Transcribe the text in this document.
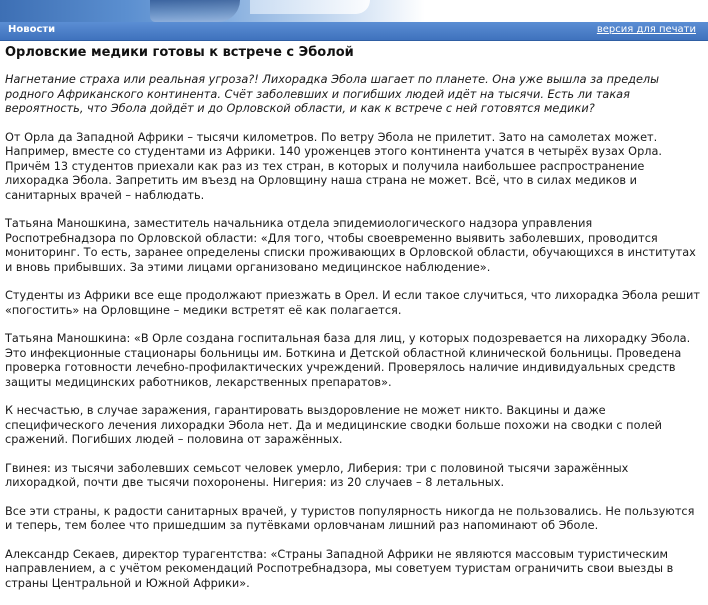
Новости	версия для печати
Орловские медики готовы к встрече с Эболой

Нагнетание страха или реальная угроза?! Лихорадка Эбола шагает по планете. Она уже вышла за пределы родного Африканского континента. Счёт заболевших и погибших людей идёт на тысячи. Есть ли такая вероятность, что Эбола дойдёт и до Орловской области, и как к встрече с ней готовятся медики?

От Орла да Западной Африки – тысячи километров. По ветру Эбола не прилетит. Зато на самолетах может. Например, вместе со студентами из Африки. 140 уроженцев этого континента учатся в четырёх вузах Орла. Причём 13 студентов приехали как раз из тех стран, в которых и получила наибольшее распространение лихорадка Эбола. Запретить им въезд на Орловщину наша страна не может. Всё, что в силах медиков и санитарных врачей – наблюдать.

Татьяна Маношкина, заместитель начальника отдела эпидемиологического надзора управления Роспотребнадзора по Орловской области: «Для того, чтобы своевременно выявить заболевших, проводится мониторинг. То есть, заранее определены списки проживающих в Орловской области, обучающихся в институтах и вновь прибывших. За этими лицами организовано медицинское наблюдение».

Студенты из Африки все еще продолжают приезжать в Орел. И если такое случиться, что лихорадка Эбола решит «погостить» на Орловщине – медики встретят её как полагается.

Татьяна Маношкина: «В Орле создана госпитальная база для лиц, у которых подозревается на лихорадку Эбола. Это инфекционные стационары больницы им. Боткина и Детской областной клинической больницы. Проведена проверка готовности лечебно-профилактических учреждений. Проверялось наличие индивидуальных средств защиты медицинских работников, лекарственных препаратов».

К несчастью, в случае заражения, гарантировать выздоровление не может никто. Вакцины и даже специфического лечения лихорадки Эбола нет. Да и медицинские сводки больше похожи на сводки с полей сражений. Погибших людей – половина от заражённых.

Гвинея: из тысячи заболевших семьсот человек умерло, Либерия: три с половиной тысячи заражённых лихорадкой, почти две тысячи похоронены. Нигерия: из 20 случаев – 8 летальных.

Все эти страны, к радости санитарных врачей, у туристов популярность никогда не пользовались. Не пользуются и теперь, тем более что пришедшим за путёвками орловчанам лишний раз напоминают об Эболе.

Александр Секаев, директор турагентства: «Страны Западной Африки не являются массовым туристическим направлением, а с учётом рекомендаций Роспотребнадзора, мы советуем туристам ограничить свои выезды в страны Центральной и Южной Африки».
